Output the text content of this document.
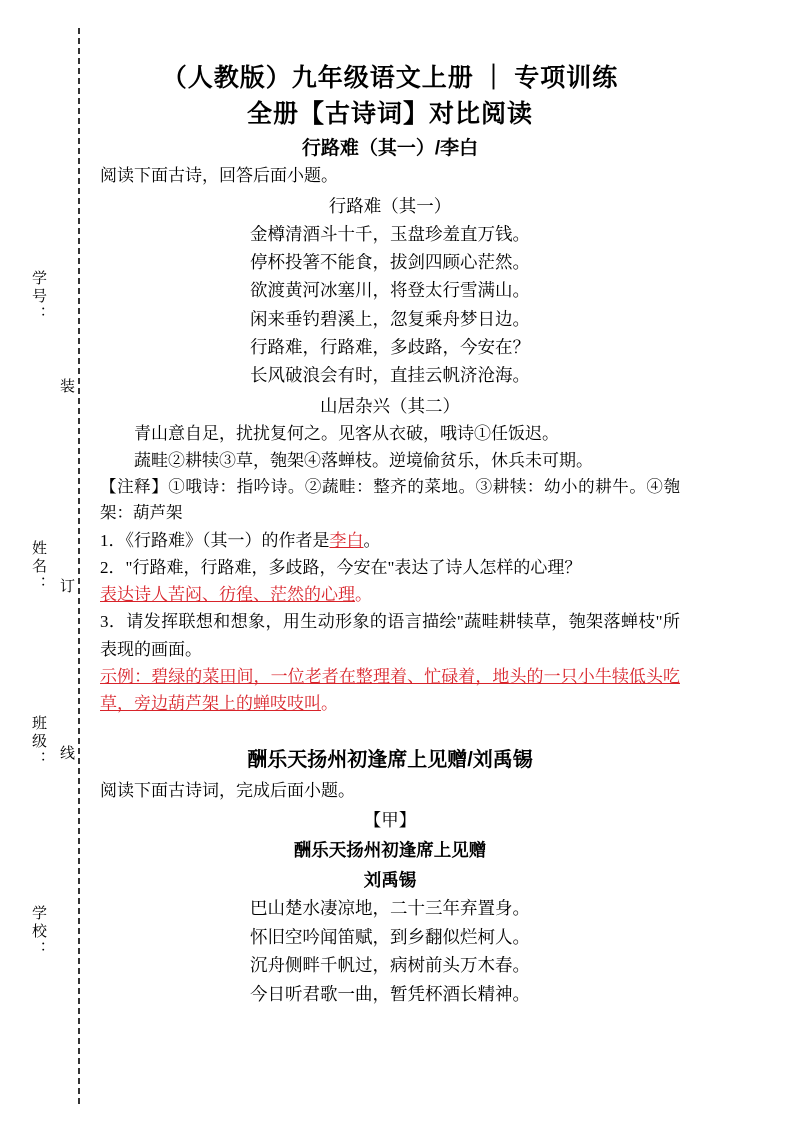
学号：
姓名：
班级：
学校：
装
订
线
（人教版）九年级语文上册 ｜ 专项训练
全册【古诗词】对比阅读
行路难（其一）/李白
阅读下面古诗，回答后面小题。
行路难（其一）
金樽清酒斗十千，玉盘珍羞直万钱。
停杯投箸不能食，拔剑四顾心茫然。
欲渡黄河冰塞川，将登太行雪满山。
闲来垂钓碧溪上，忽复乘舟梦日边。
行路难，行路难，多歧路，今安在？
长风破浪会有时，直挂云帆济沧海。
山居杂兴（其二）
青山意自足，扰扰复何之。见客从衣破，哦诗①任饭迟。
蔬畦②耕犊③草，匏架④落蝉枝。逆境偷贫乐，休兵未可期。
【注释】①哦诗：指吟诗。②蔬畦：整齐的菜地。③耕犊：幼小的耕牛。④匏架：葫芦架
1．《行路难》（其一）的作者是李白。
2．"行路难，行路难，多歧路，今安在"表达了诗人怎样的心理？
表达诗人苦闷、彷徨、茫然的心理。
3．请发挥联想和想象，用生动形象的语言描绘"蔬畦耕犊草，匏架落蝉枝"所表现的画面。
示例：碧绿的菜田间，一位老者在整理着、忙碌着，地头的一只小牛犊低头吃草，旁边葫芦架上的蝉吱吱叫。
酬乐天扬州初逢席上见赠/刘禹锡
阅读下面古诗词，完成后面小题。
【甲】
酬乐天扬州初逢席上见赠
刘禹锡
巴山楚水凄凉地，二十三年弃置身。
怀旧空吟闻笛赋，到乡翻似烂柯人。
沉舟侧畔千帆过，病树前头万木春。
今日听君歌一曲，暂凭杯酒长精神。
